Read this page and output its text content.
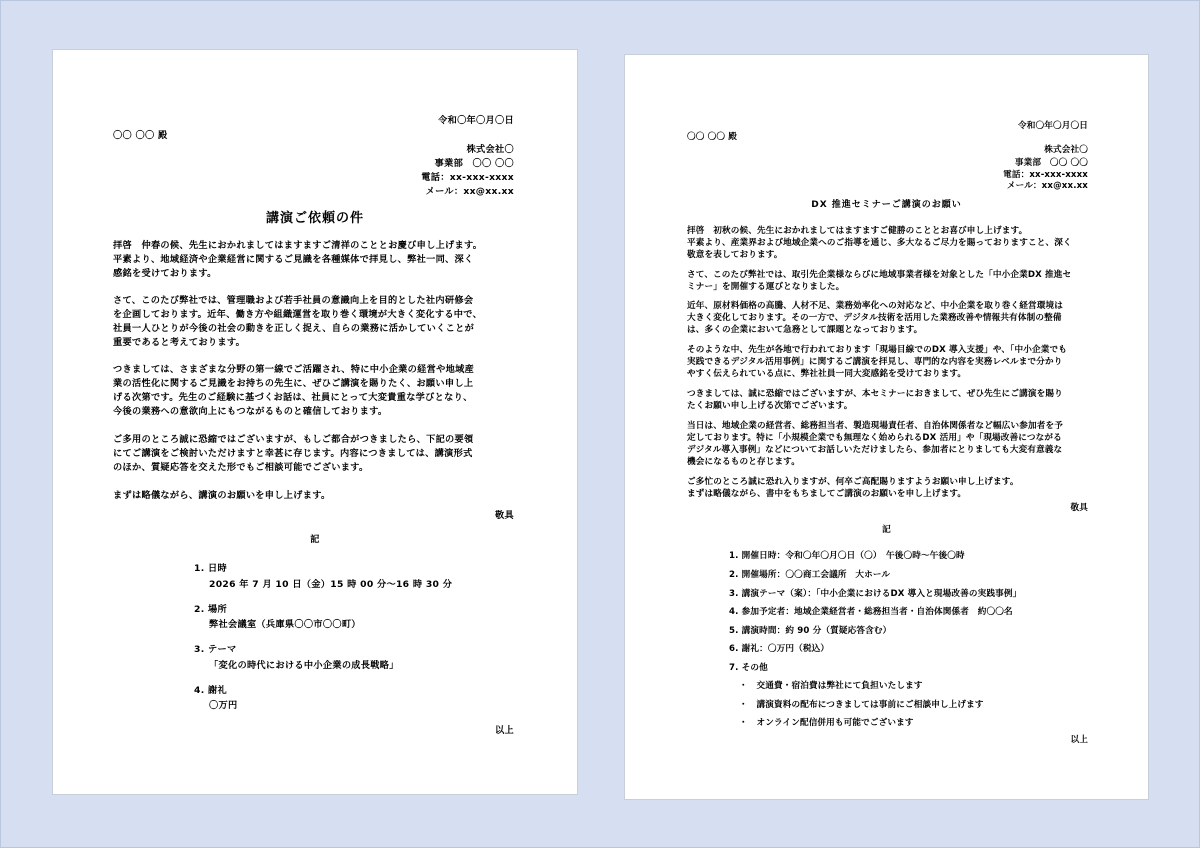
令和〇年〇月〇日
〇〇 〇〇 殿
株式会社〇
事業部　〇〇 〇〇
電話：xx-xxx-xxxx
メール：xx@xx.xx
講演ご依頼の件
拝啓　仲春の候、先生におかれましてはますますご清祥のこととお慶び申し上げます。
平素より、地域経済や企業経営に関するご見識を各種媒体で拝見し、弊社一同、深く
感銘を受けております。
さて、このたび弊社では、管理職および若手社員の意識向上を目的とした社内研修会
を企画しております。近年、働き方や組織運営を取り巻く環境が大きく変化する中で、
社員一人ひとりが今後の社会の動きを正しく捉え、自らの業務に活かしていくことが
重要であると考えております。
つきましては、さまざまな分野の第一線でご活躍され、特に中小企業の経営や地域産
業の活性化に関するご見識をお持ちの先生に、ぜひご講演を賜りたく、お願い申し上
げる次第です。先生のご経験に基づくお話は、社員にとって大変貴重な学びとなり、
今後の業務への意欲向上にもつながるものと確信しております。
ご多用のところ誠に恐縮ではございますが、もしご都合がつきましたら、下記の要領
にてご講演をご検討いただけますと幸甚に存じます。内容につきましては、講演形式
のほか、質疑応答を交えた形でもご相談可能でございます。
まずは略儀ながら、講演のお願いを申し上げます。
敬具
記
1. 日時
2026 年 7 月 10 日（金）15 時 00 分～16 時 30 分
2. 場所
弊社会議室（兵庫県〇〇市〇〇町）
3. テーマ
「変化の時代における中小企業の成長戦略」
4. 謝礼
〇万円
以上
令和〇年〇月〇日
〇〇 〇〇 殿
株式会社〇
事業部　〇〇 〇〇
電話：xx-xxx-xxxx
メール：xx@xx.xx
DX 推進セミナーご講演のお願い
拝啓　初秋の候、先生におかれましてはますますご健勝のこととお喜び申し上げます。
平素より、産業界および地域企業へのご指導を通じ、多大なるご尽力を賜っておりますこと、深く
敬意を表しております。
さて、このたび弊社では、取引先企業様ならびに地域事業者様を対象とした「中小企業DX 推進セ
ミナー」を開催する運びとなりました。
近年、原材料価格の高騰、人材不足、業務効率化への対応など、中小企業を取り巻く経営環境は
大きく変化しております。その一方で、デジタル技術を活用した業務改善や情報共有体制の整備
は、多くの企業において急務として課題となっております。
そのような中、先生が各地で行われております「現場目線でのDX 導入支援」や、「中小企業でも
実践できるデジタル活用事例」に関するご講演を拝見し、専門的な内容を実務レベルまで分かり
やすく伝えられている点に、弊社社員一同大変感銘を受けております。
つきましては、誠に恐縮ではございますが、本セミナーにおきまして、ぜひ先生にご講演を賜り
たくお願い申し上げる次第でございます。
当日は、地域企業の経営者、総務担当者、製造現場責任者、自治体関係者など幅広い参加者を予
定しております。特に「小規模企業でも無理なく始められるDX 活用」や「現場改善につながる
デジタル導入事例」などについてお話しいただけましたら、参加者にとりましても大変有意義な
機会になるものと存じます。
ご多忙のところ誠に恐れ入りますが、何卒ご高配賜りますようお願い申し上げます。
まずは略儀ながら、書中をもちましてご講演のお願いを申し上げます。
敬具
記
1. 開催日時：令和〇年〇月〇日（〇）　午後〇時～午後〇時
2. 開催場所：〇〇商工会議所　大ホール
3. 講演テーマ（案）：「中小企業におけるDX 導入と現場改善の実践事例」
4. 参加予定者：地域企業経営者・総務担当者・自治体関係者　約〇〇名
5. 講演時間：約 90 分（質疑応答含む）
6. 謝礼：〇万円（税込）
7. その他
・　交通費・宿泊費は弊社にて負担いたします
・　講演資料の配布につきましては事前にご相談申し上げます
・　オンライン配信併用も可能でございます
以上
